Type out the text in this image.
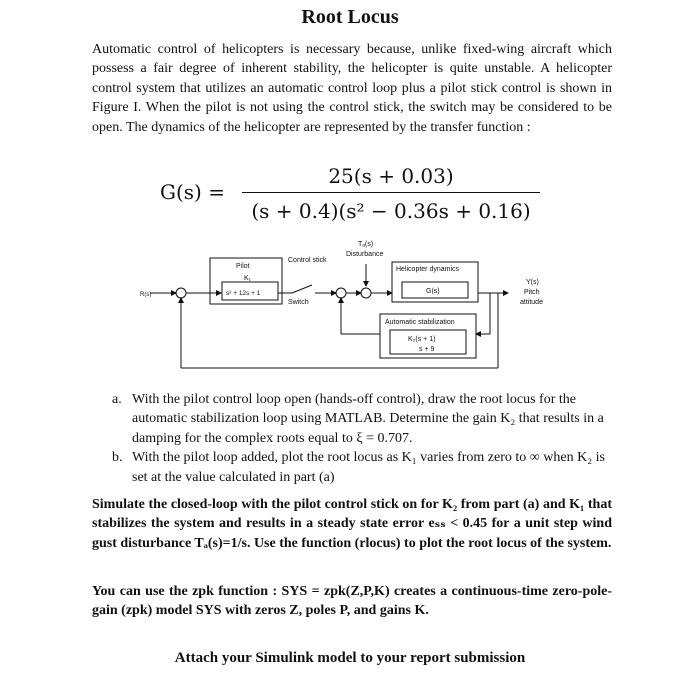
Root Locus
Automatic control of helicopters is necessary because, unlike fixed-wing aircraft which possess a fair degree of inherent stability, the helicopter is quite unstable. A helicopter control system that utilizes an automatic control loop plus a pilot stick control is shown in Figure I. When the pilot is not using the control stick, the switch may be considered to be open. The dynamics of the helicopter are represented by the transfer function :
G(s) =
25(s + 0.03)
(s + 0.4)(s² − 0.36s + 0.16)
Tₐ(s)
Disturbance
R(s)
Pilot
K₁
s² + 12s + 1
Control stick
Switch
Helicopter dynamics
G(s)
Y(s)
Pitch
attitude
Automatic stabilization
K₂(s + 1)
s + 9
a. With the pilot control loop open (hands-off control), draw the root locus for the automatic stabilization loop using MATLAB. Determine the gain K₂ that results in a damping for the complex roots equal to ξ = 0.707.
b. With the pilot loop added, plot the root locus as K₁ varies from zero to ∞ when K₂ is set at the value calculated in part (a)
Simulate the closed-loop with the pilot control stick on for K₂ from part (a) and K₁ that stabilizes the system and results in a steady state error eₛₛ < 0.45 for a unit step wind gust disturbance Tₐ(s)=1/s. Use the function (rlocus) to plot the root locus of the system.
You can use the zpk function : SYS = zpk(Z,P,K) creates a continuous-time zero-pole-gain (zpk) model SYS with zeros Z, poles P, and gains K.
Attach your Simulink model to your report submission
